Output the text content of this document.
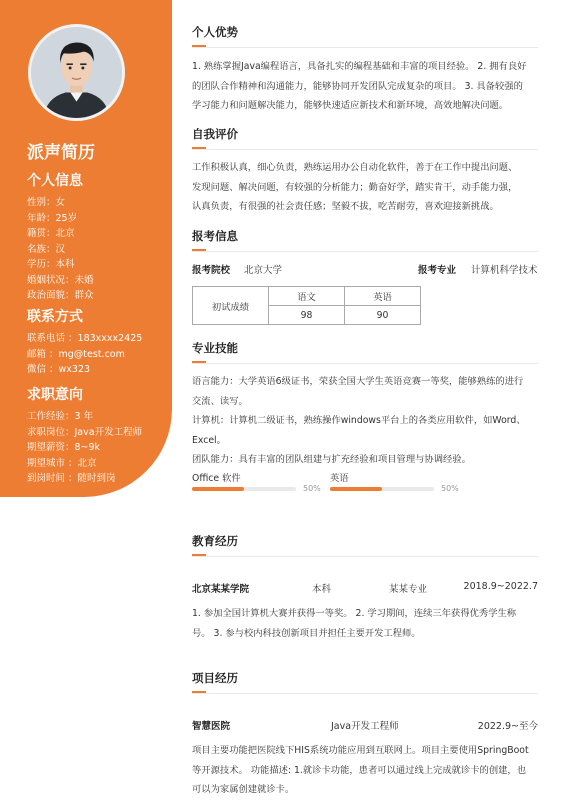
派声简历
个人信息
性别：女
年龄：25岁
籍贯：北京
名族：汉
学历：本科
婚姻状况：未婚
政治面貌：群众
联系方式
联系电话 ：183xxxx2425
邮箱 ：mg@test.com
微信 ：wx323
求职意向
工作经验：3 年
求职岗位：Java开发工程师
期望薪资：8~9k
期望城市 ：北京
到岗时间 ：随时到岗
个人优势
1. 熟练掌握Java编程语言，具备扎实的编程基础和丰富的项目经验。 2. 拥有良好
的团队合作精神和沟通能力，能够协同开发团队完成复杂的项目。 3. 具备较强的
学习能力和问题解决能力，能够快速适应新技术和新环境，高效地解决问题。
自我评价
工作积极认真，细心负责，熟练运用办公自动化软件，善于在工作中提出问题、
发现问题、解决问题，有较强的分析能力；勤奋好学，踏实肯干，动手能力强，
认真负责，有很强的社会责任感；坚毅不拔，吃苦耐劳，喜欢迎接新挑战。
报考信息
报考院校 北京大学	报考专业 计算机科学技术
初试成绩	语文	英语
	98	90
专业技能
语言能力：大学英语6级证书，荣获全国大学生英语竞赛一等奖，能够熟练的进行
交流、读写。
计算机：计算机二级证书，熟练操作windows平台上的各类应用软件，如Word、
Excel。
团队能力：具有丰富的团队组建与扩充经验和项目管理与协调经验。
Office 软件
50%
英语
50%
教育经历
北京某某学院	本科	某某专业	2018.9~2022.7
1. 参加全国计算机大赛并获得一等奖。 2. 学习期间，连续三年获得优秀学生称
号。 3. 参与校内科技创新项目并担任主要开发工程师。
项目经历
智慧医院	Java开发工程师	2022.9~至今
项目主要功能把医院线下HIS系统功能应用到互联网上。项目主要使用SpringBoot
等开源技术。 功能描述: 1.就诊卡功能，患者可以通过线上完成就诊卡的创建，也
可以为家属创建就诊卡。
